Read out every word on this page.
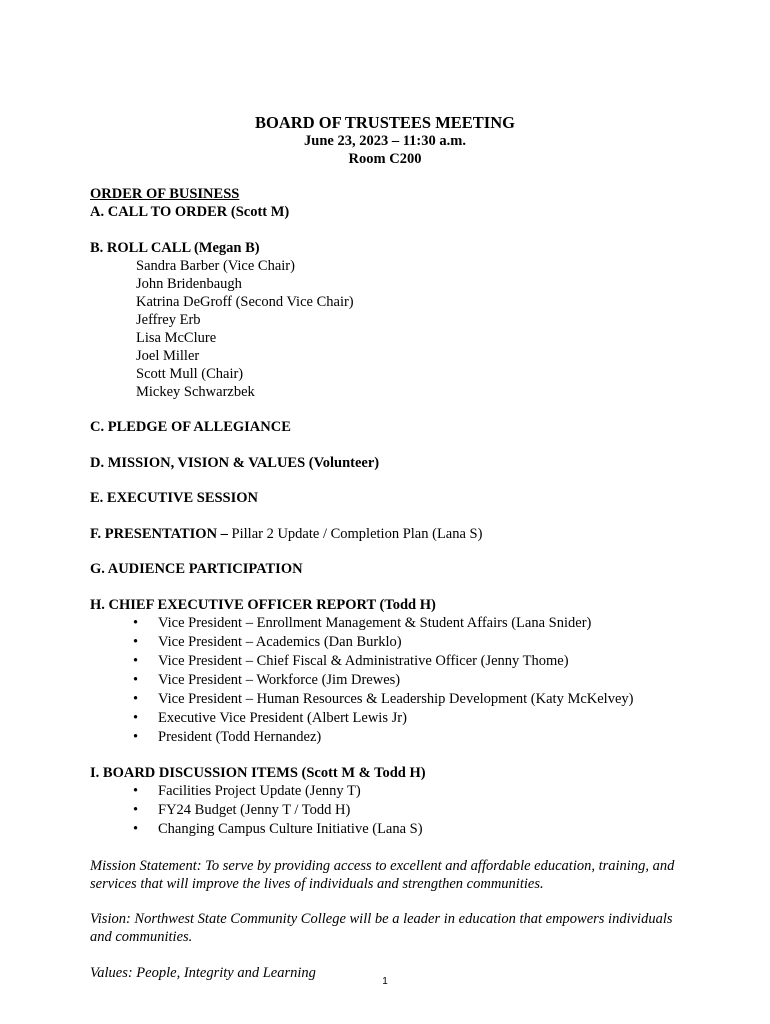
BOARD OF TRUSTEES MEETING
June 23, 2023 – 11:30 a.m.
Room C200
ORDER OF BUSINESS
A. CALL TO ORDER (Scott M)
B. ROLL CALL (Megan B)
Sandra Barber (Vice Chair)
John Bridenbaugh
Katrina DeGroff (Second Vice Chair)
Jeffrey Erb
Lisa McClure
Joel Miller
Scott Mull (Chair)
Mickey Schwarzbek
C. PLEDGE OF ALLEGIANCE
D. MISSION, VISION & VALUES (Volunteer)
E. EXECUTIVE SESSION
F. PRESENTATION – Pillar 2 Update / Completion Plan (Lana S)
G. AUDIENCE PARTICIPATION
H. CHIEF EXECUTIVE OFFICER REPORT (Todd H)
• Vice President – Enrollment Management & Student Affairs (Lana Snider)
• Vice President – Academics (Dan Burklo)
• Vice President – Chief Fiscal & Administrative Officer (Jenny Thome)
• Vice President – Workforce (Jim Drewes)
• Vice President – Human Resources & Leadership Development (Katy McKelvey)
• Executive Vice President (Albert Lewis Jr)
• President (Todd Hernandez)
I. BOARD DISCUSSION ITEMS (Scott M & Todd H)
• Facilities Project Update (Jenny T)
• FY24 Budget (Jenny T / Todd H)
• Changing Campus Culture Initiative (Lana S)
Mission Statement: To serve by providing access to excellent and affordable education, training, and services that will improve the lives of individuals and strengthen communities.
Vision: Northwest State Community College will be a leader in education that empowers individuals and communities.
Values: People, Integrity and Learning
1
